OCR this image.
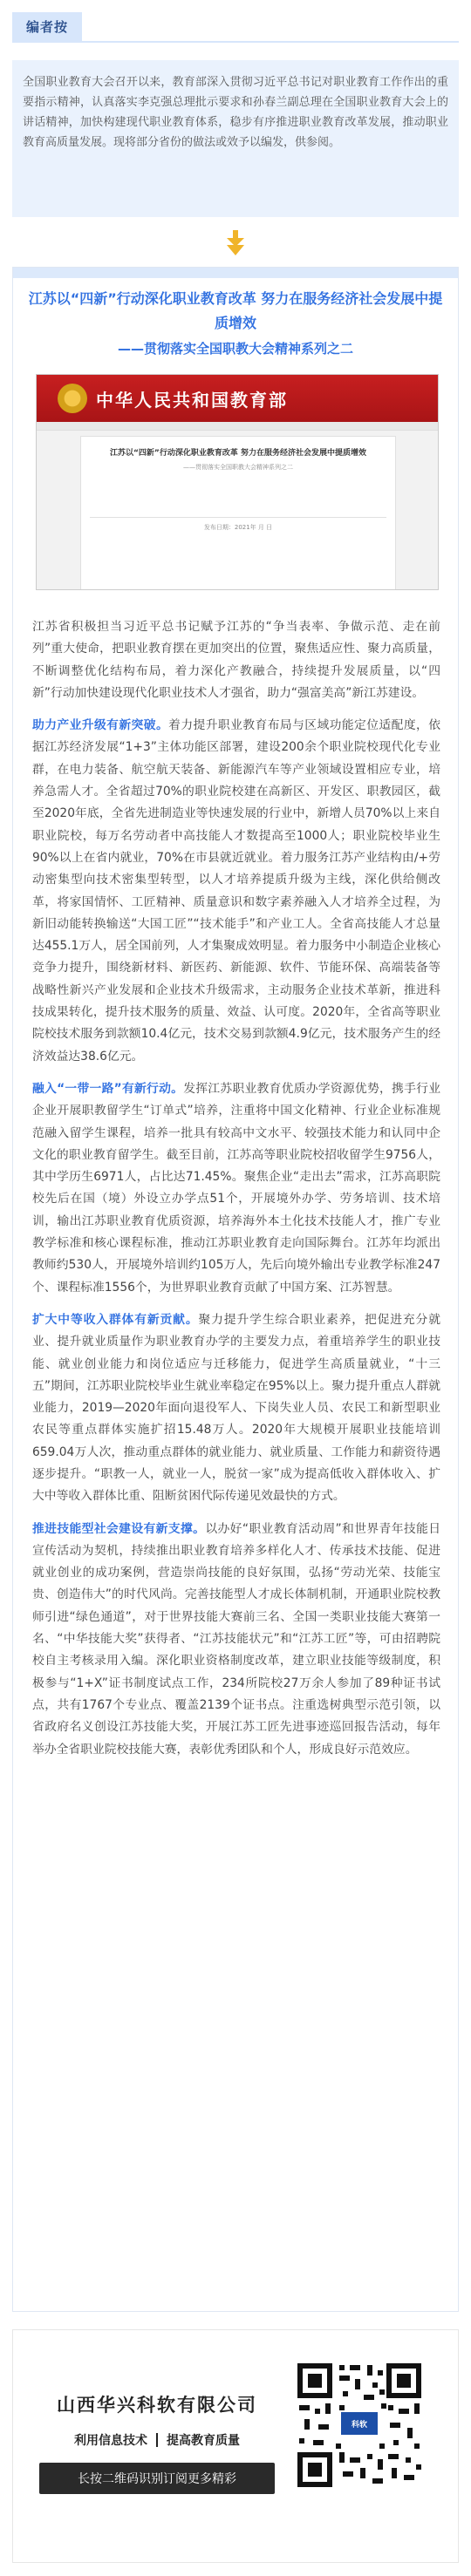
编者按
全国职业教育大会召开以来，教育部深入贯彻习近平总书记对职业教育工作作出的重要指示精神，认真落实李克强总理批示要求和孙春兰副总理在全国职业教育大会上的讲话精神，加快构建现代职业教育体系，稳步有序推进职业教育改革发展，推动职业教育高质量发展。现将部分省份的做法或效予以编发，供参阅。
江苏以“四新”行动深化职业教育改革 努力在服务经济社会发展中提质增效
——贯彻落实全国职教大会精神系列之二
中华人民共和国教育部
江苏以“四新”行动深化职业教育改革 努力在服务经济社会发展中提质增效
——贯彻落实全国职教大会精神系列之二
发布日期：2021年 月 日

江苏省积极担当习近平总书记赋予江苏的“争当表率、争做示范、走在前列”重大使命，把职业教育摆在更加突出的位置，聚焦适应性、聚力高质量，不断调整优化结构布局，着力深化产教融合，持续提升发展质量，以“四新”行动加快建设现代化职业技术人才强省，助力“强富美高”新江苏建设。

助力产业升级有新突破。着力提升职业教育布局与区域功能定位适配度，依据江苏经济发展“1+3”主体功能区部署，建设200余个职业院校现代化专业群，在电力装备、航空航天装备、新能源汽车等产业领域设置相应专业，培养急需人才。全省超过70%的职业院校建在高新区、开发区、职教园区，截至2020年底，全省先进制造业等快速发展的行业中，新增人员70%以上来自职业院校，每万名劳动者中高技能人才数提高至1000人；职业院校毕业生90%以上在省内就业，70%在市县就近就业。着力服务江苏产业结构由/+劳动密集型向技术密集型转型，以人才培养提质升级为主线，深化供给侧改革，将家国情怀、工匠精神、质量意识和数字素养融入人才培养全过程，为新旧动能转换输送“大国工匠”“技术能手”和产业工人。全省高技能人才总量达455.1万人，居全国前列，人才集聚成效明显。着力服务中小制造企业核心竞争力提升，围绕新材料、新医药、新能源、软件、节能环保、高端装备等战略性新兴产业发展和企业技术升级需求，主动服务企业技术革新，推进科技成果转化，提升技术服务的质量、效益、认可度。2020年，全省高等职业院校技术服务到款额10.4亿元，技术交易到款额4.9亿元，技术服务产生的经济效益达38.6亿元。

融入“一带一路”有新行动。发挥江苏职业教育优质办学资源优势，携手行业企业开展职教留学生“订单式”培养，注重将中国文化精神、行业企业标准规范融入留学生课程，培养一批具有较高中文水平、较强技术能力和认同中企文化的职业教育留学生。截至目前，江苏高等职业院校招收留学生9756人，其中学历生6971人，占比达71.45%。聚焦企业“走出去”需求，江苏高职院校先后在国（境）外设立办学点51个，开展境外办学、劳务培训、技术培训，输出江苏职业教育优质资源，培养海外本土化技术技能人才，推广专业教学标准和核心课程标准，推动江苏职业教育走向国际舞台。江苏年均派出教师约530人，开展境外培训约105万人，先后向境外输出专业教学标准247个、课程标准1556个，为世界职业教育贡献了中国方案、江苏智慧。

扩大中等收入群体有新贡献。聚力提升学生综合职业素养，把促进充分就业、提升就业质量作为职业教育办学的主要发力点，着重培养学生的职业技能、就业创业能力和岗位适应与迁移能力，促进学生高质量就业，“十三五”期间，江苏职业院校毕业生就业率稳定在95%以上。聚力提升重点人群就业能力，2019—2020年面向退役军人、下岗失业人员、农民工和新型职业农民等重点群体实施扩招15.48万人。2020年大规模开展职业技能培训659.04万人次，推动重点群体的就业能力、就业质量、工作能力和薪资待遇逐步提升。“职教一人，就业一人，脱贫一家”成为提高低收入群体收入、扩大中等收入群体比重、阻断贫困代际传递见效最快的方式。

推进技能型社会建设有新支撑。以办好“职业教育活动周”和世界青年技能日宣传活动为契机，持续推出职业教育培养多样化人才、传承技术技能、促进就业创业的成功案例，营造崇尚技能的良好氛围，弘扬“劳动光荣、技能宝贵、创造伟大”的时代风尚。完善技能型人才成长体制机制，开通职业院校教师引进“绿色通道”，对于世界技能大赛前三名、全国一类职业技能大赛第一名、“中华技能大奖”获得者、“江苏技能状元”和“江苏工匠”等，可由招聘院校自主考核录用入编。深化职业资格制度改革，建立职业技能等级制度，积极参与“1+X”证书制度试点工作，234所院校27万余人参加了89种证书试点，共有1767个专业点、覆盖2139个证书点。注重选树典型示范引领，以省政府名义创设江苏技能大奖，开展江苏工匠先进事迹巡回报告活动，每年举办全省职业院校技能大赛，表彰优秀团队和个人，形成良好示范效应。

山西华兴科软有限公司
利用信息技术	提高教育质量
长按二维码识别订阅更多精彩
科软
